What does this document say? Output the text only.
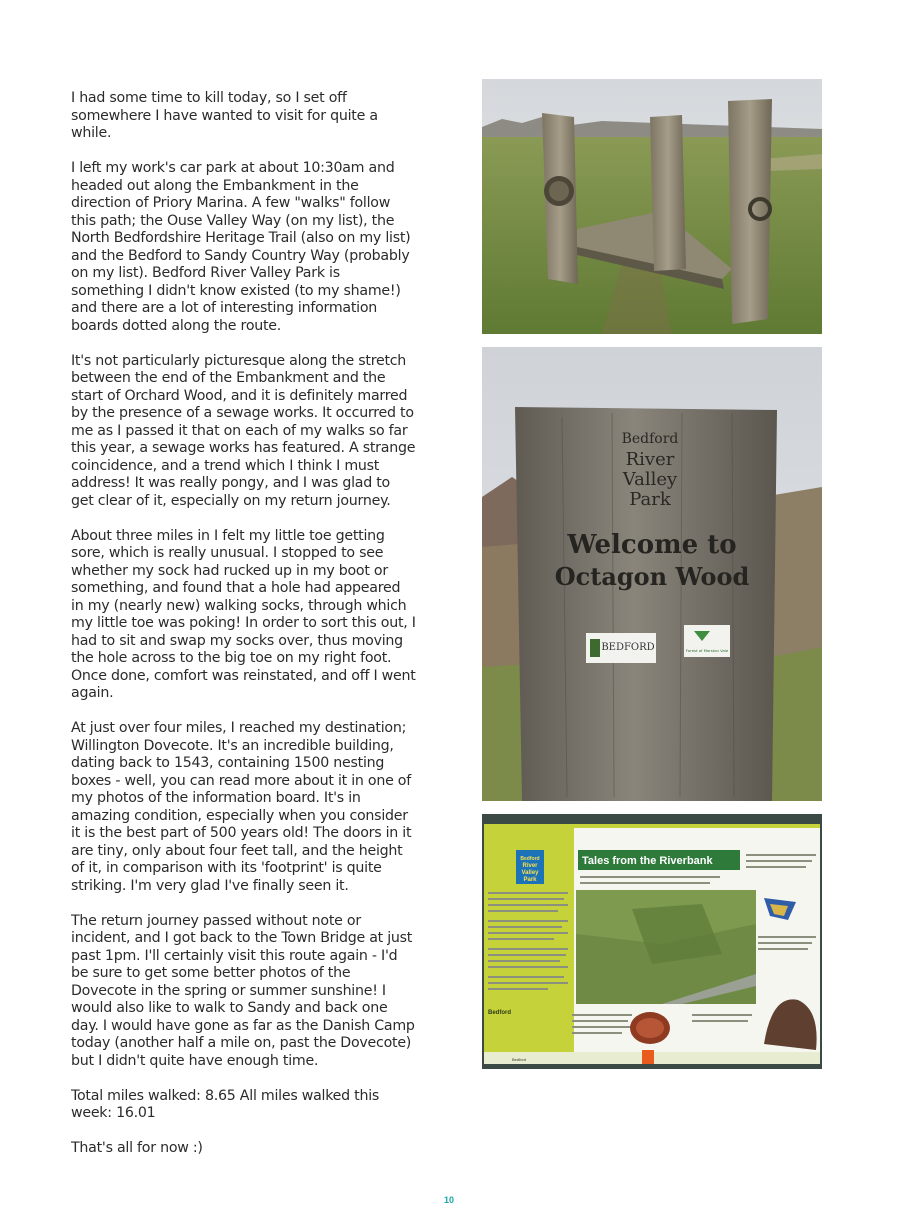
I had some time to kill today, so I set off somewhere I have wanted to visit for quite a while.

I left my work's car park at about 10:30am and headed out along the Embankment in the direction of Priory Marina. A few "walks" follow this path; the Ouse Valley Way (on my list), the North Bedfordshire Heritage Trail (also on my list) and the Bedford to Sandy Country Way (probably on my list). Bedford River Valley Park is something I didn't know existed (to my shame!) and there are a lot of interesting information boards dotted along the route.

It's not particularly picturesque along the stretch between the end of the Embankment and the start of Orchard Wood, and it is definitely marred by the presence of a sewage works. It occurred to me as I passed it that on each of my walks so far this year, a sewage works has featured. A strange coincidence, and a trend which I think I must address! It was really pongy, and I was glad to get clear of it, especially on my return journey.

About three miles in I felt my little toe getting sore, which is really unusual. I stopped to see whether my sock had rucked up in my boot or something, and found that a hole had appeared in my (nearly new) walking socks, through which my little toe was poking! In order to sort this out, I had to sit and swap my socks over, thus moving the hole across to the big toe on my right foot. Once done, comfort was reinstated, and off I went again.

At just over four miles, I reached my destination; Willington Dovecote. It's an incredible building, dating back to 1543, containing 1500 nesting boxes - well, you can read more about it in one of my photos of the information board. It's in amazing condition, especially when you consider it is the best part of 500 years old! The doors in it are tiny, only about four feet tall, and the height of it, in comparison with its 'footprint' is quite striking. I'm very glad I've finally seen it.

The return journey passed without note or incident, and I got back to the Town Bridge at just past 1pm. I'll certainly visit this route again - I'd be sure to get some better photos of the Dovecote in the spring or summer sunshine! I would also like to walk to Sandy and back one day. I would have gone as far as the Danish Camp today (another half a mile on, past the Dovecote) but I didn't quite have enough time.

Total miles walked: 8.65 All miles walked this week: 16.01

That's all for now :)

Bedford
River
Valley
Park
Welcome to
Octagon Wood
BEDFORD	Forest of Marston Vale
Tales from the Riverbank
Bedford
River
Valley
Park
Bedford
Bedford
10
